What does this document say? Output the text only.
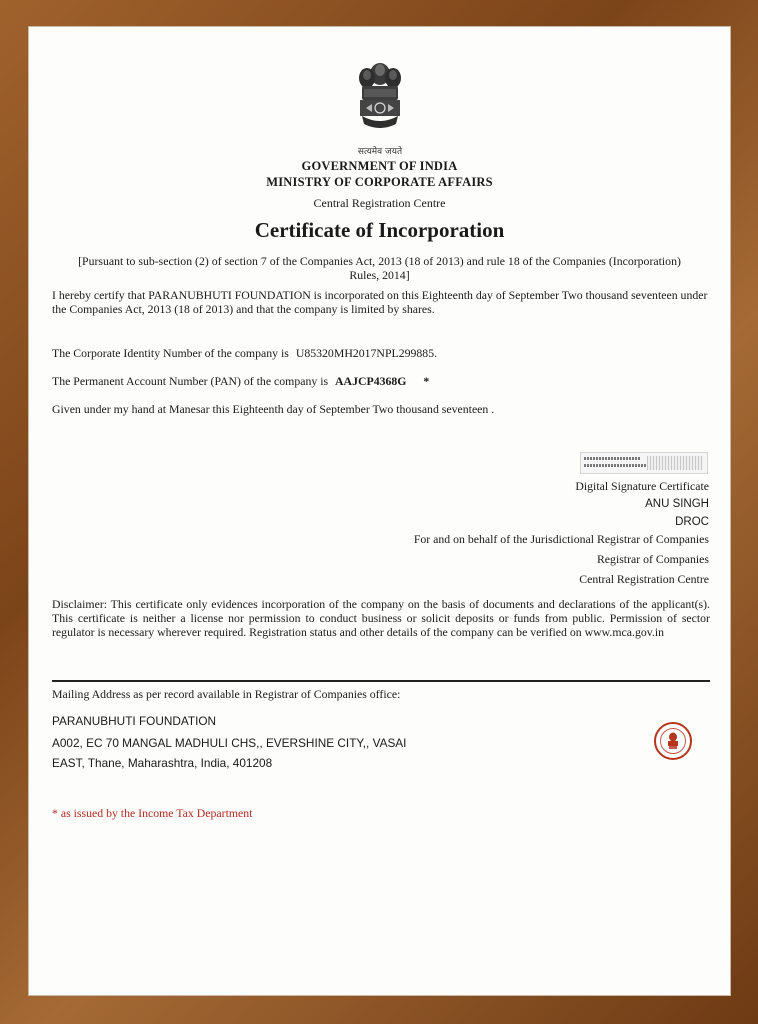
सत्यमेव जयते
GOVERNMENT OF INDIA
MINISTRY OF CORPORATE AFFAIRS
Central Registration Centre
Certificate of Incorporation
[Pursuant to sub-section (2) of section 7 of the Companies Act, 2013 (18 of 2013) and rule 18 of the Companies (Incorporation) Rules, 2014]
I hereby certify that PARANUBHUTI FOUNDATION is incorporated on this Eighteenth day of September Two thousand seventeen under the Companies Act, 2013 (18 of 2013) and that the company is limited by shares.
The Corporate Identity Number of the company is U85320MH2017NPL299885.
The Permanent Account Number (PAN) of the company is AAJCP4368G *
Given under my hand at Manesar this Eighteenth day of September Two thousand seventeen .
Digital Signature Certificate
ANU SINGH
DROC
For and on behalf of the Jurisdictional Registrar of Companies
Registrar of Companies
Central Registration Centre
Disclaimer: This certificate only evidences incorporation of the company on the basis of documents and declarations of the applicant(s). This certificate is neither a license nor permission to conduct business or solicit deposits or funds from public. Permission of sector regulator is necessary wherever required. Registration status and other details of the company can be verified on www.mca.gov.in
Mailing Address as per record available in Registrar of Companies office:
PARANUBHUTI FOUNDATION
A002, EC 70 MANGAL MADHULI CHS,, EVERSHINE CITY,, VASAI
EAST, Thane, Maharashtra, India, 401208
* as issued by the Income Tax Department
